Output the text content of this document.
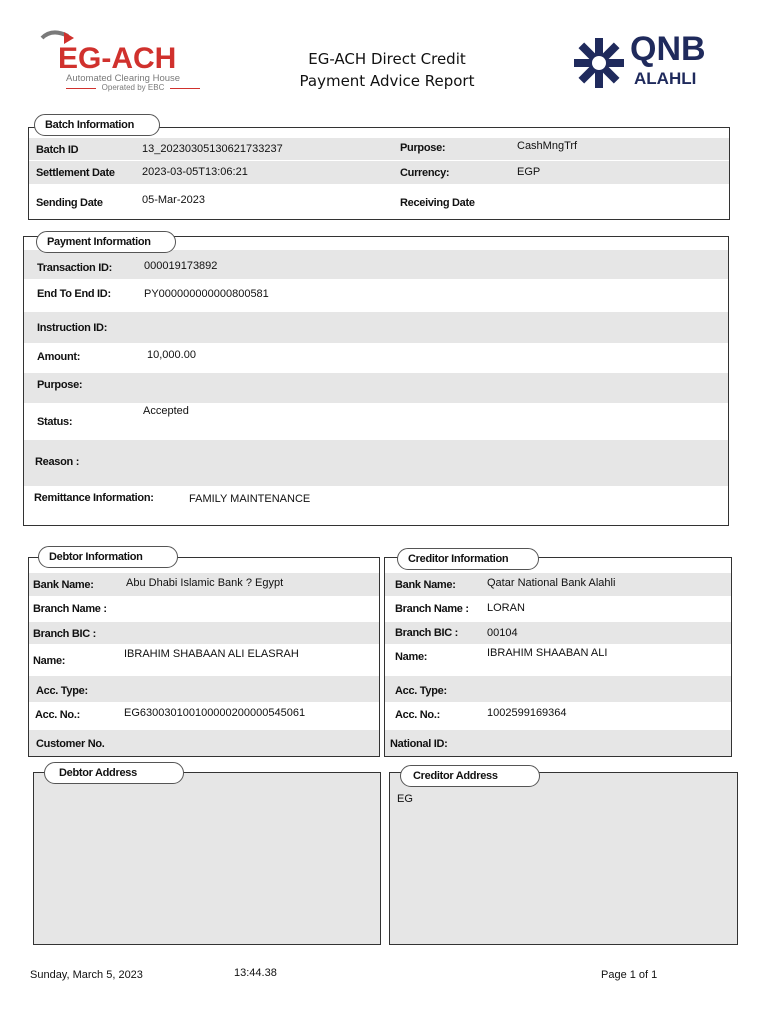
EG-ACH
Automated Clearing House
Operated by EBC
EG-ACH Direct Credit
Payment Advice Report
QNB
ALAHLI
Batch Information
Batch ID	13_20230305130621733237	Purpose:	CashMngTrf
Settlement Date 2023-03-05T13:06:21	Currency:	EGP
Sending Date	05-Mar-2023	Receiving Date
Payment Information
Transaction ID:	000019173892
End To End ID:	PY000000000000800581
Instruction ID:
Amount:	10,000.00
Purpose:
Status:
Accepted
Reason :
Remittance Information:	FAMILY MAINTENANCE
Debtor Information
Bank Name:	Abu Dhabi Islamic Bank ? Egypt
Branch Name :
Branch BIC :
Name:
IBRAHIM SHABAAN ALI ELASRAH
Acc. Type:
Acc. No.:	EG630030100100000200000545061
Customer No.
Creditor Information
Bank Name:	Qatar National Bank Alahli
Branch Name : LORAN
Branch BIC :	00104
Name:	IBRAHIM SHAABAN ALI
Acc. Type:
Acc. No.:	1002599169364
National ID:
Debtor Address	Creditor Address
EG
Sunday, March 5, 2023	13:44.38	Page 1 of 1
